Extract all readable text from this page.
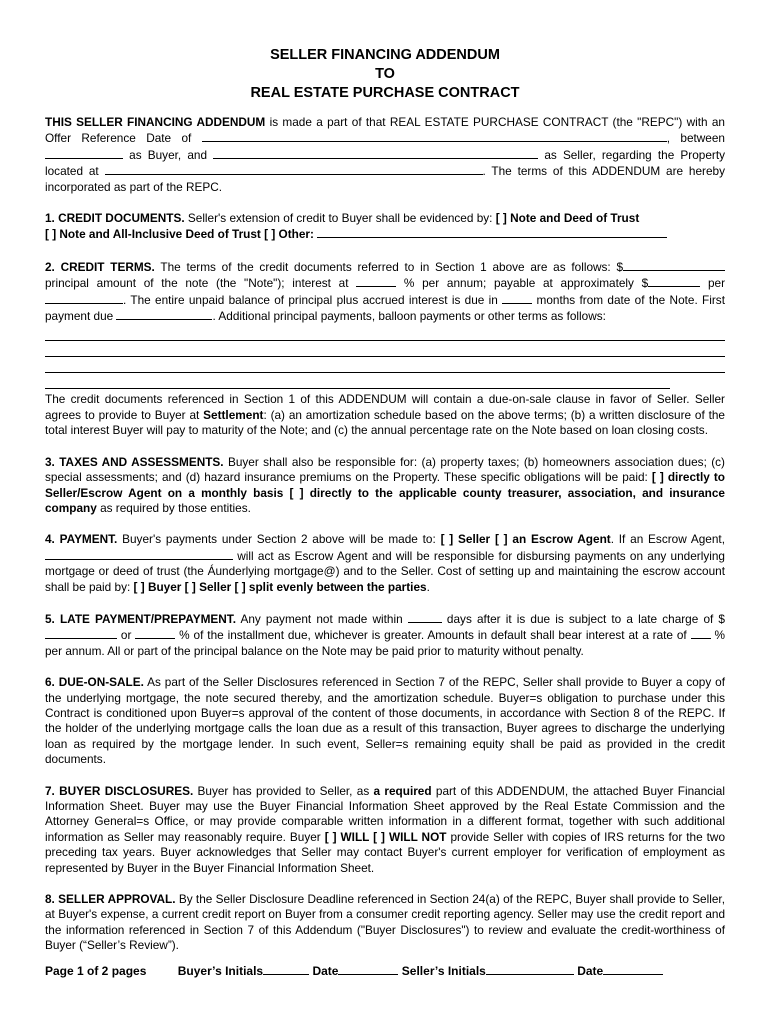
SELLER FINANCING ADDENDUM
TO
REAL ESTATE PURCHASE CONTRACT

THIS SELLER FINANCING ADDENDUM is made a part of that REAL ESTATE PURCHASE CONTRACT (the "REPC") with an Offer Reference Date of	, between  as Buyer, and	as Seller, regarding the Property located at	. The terms of this ADDENDUM are hereby incorporated as part of the REPC.

1. CREDIT DOCUMENTS. Seller's extension of credit to Buyer shall be evidenced by: [ ] Note and Deed of Trust
[ ] Note and All-Inclusive Deed of Trust [ ] Other:

2. CREDIT TERMS. The terms of the credit documents referred to in Section 1 above are as follows: $ principal amount of the note (the "Note"); interest at	% per annum; payable at approximately $	per . The entire unpaid balance of principal plus accrued interest is due in	months from date of the Note. First payment due	. Additional principal payments, balloon payments or other terms as follows:

The credit documents referenced in Section 1 of this ADDENDUM will contain a due-on-sale clause in favor of Seller. Seller agrees to provide to Buyer at Settlement: (a) an amortization schedule based on the above terms; (b) a written disclosure of the total interest Buyer will pay to maturity of the Note; and (c) the annual percentage rate on the Note based on loan closing costs.

3. TAXES AND ASSESSMENTS. Buyer shall also be responsible for: (a) property taxes; (b) homeowners association dues; (c) special assessments; and (d) hazard insurance premiums on the Property. These specific obligations will be paid: [ ] directly to Seller/Escrow Agent on a monthly basis [ ] directly to the applicable county treasurer, association, and insurance company as required by those entities.

4. PAYMENT. Buyer's payments under Section 2 above will be made to: [ ] Seller [ ] an Escrow Agent. If an Escrow Agent,  will act as Escrow Agent and will be responsible for disbursing payments on any underlying mortgage or deed of trust (the Áunderlying mortgage@) and to the Seller. Cost of setting up and maintaining the escrow account shall be paid by: [ ] Buyer [ ] Seller [ ] split evenly between the parties.

5. LATE PAYMENT/PREPAYMENT. Any payment not made within	days after it is due is subject to a late charge of $ or	% of the installment due, whichever is greater. Amounts in default shall bear interest at a rate of  % per annum. All or part of the principal balance on the Note may be paid prior to maturity without penalty.

6. DUE-ON-SALE. As part of the Seller Disclosures referenced in Section 7 of the REPC, Seller shall provide to Buyer a copy of the underlying mortgage, the note secured thereby, and the amortization schedule. Buyer=s obligation to purchase under this Contract is conditioned upon Buyer=s approval of the content of those documents, in accordance with Section 8 of the REPC. If the holder of the underlying mortgage calls the loan due as a result of this transaction, Buyer agrees to discharge the underlying loan as required by the mortgage lender. In such event, Seller=s remaining equity shall be paid as provided in the credit documents.

7. BUYER DISCLOSURES. Buyer has provided to Seller, as a required part of this ADDENDUM, the attached Buyer Financial Information Sheet. Buyer may use the Buyer Financial Information Sheet approved by the Real Estate Commission and the Attorney General=s Office, or may provide comparable written information in a different format, together with such additional information as Seller may reasonably require. Buyer [ ] WILL [ ] WILL NOT provide Seller with copies of IRS returns for the two preceding tax years. Buyer acknowledges that Seller may contact Buyer's current employer for verification of employment as represented by Buyer in the Buyer Financial Information Sheet.

8. SELLER APPROVAL. By the Seller Disclosure Deadline referenced in Section 24(a) of the REPC, Buyer shall provide to Seller, at Buyer's expense, a current credit report on Buyer from a consumer credit reporting agency. Seller may use the credit report and the information referenced in Section 7 of this Addendum ("Buyer Disclosures") to review and evaluate the credit-worthiness of Buyer (“Seller’s Review”).

Page 1 of 2 pages	Buyer’s Initials	Date	Seller’s Initials	Date
